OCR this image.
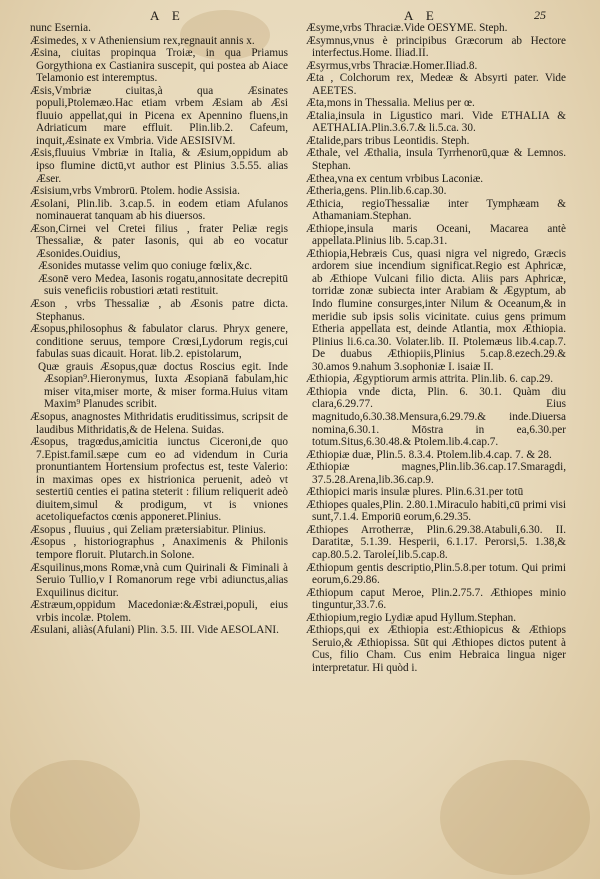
A E	A E	25

nunc Esernia.

Æsimedes, x v Atheniensium rex,regnauit annis x.

Æsina, ciuitas propinqua Troiæ, in qua Priamus Gorgythiona ex Castianira suscepit, qui postea ab Aiace Telamonio est interemptus.

Æsis,Vmbriæ ciuitas,à qua Æsinates populi,Ptolemæo.Hac etiam vrbem Æsiam ab Æsi fluuio appellat,qui in Picena ex Apennino fluens,in Adriaticum mare effluit. Plin.lib.2. Cafeum, inquit,Æsinate ex Vmbria. Vide AESISIVM.

Æsis,fluuius Vmbriæ in Italia, & Æsium,oppidum ab ipso flumine dictū,vt author est Plinius 3.5.55. alias Æser.

Æsisium,vrbs Vmbrorū. Ptolem. hodie Assisia.

Æsolani, Plin.lib. 3.cap.5. in eodem etiam Afulanos nominauerat tanquam ab his diuersos.

Æson,Cirnei vel Cretei filius , frater Peliæ regis Thessaliæ, & pater Iasonis, qui ab eo vocatur Æsonides.Ouidius,

Æsonides mutasse velim quo coniuge fœlix,&c.

Æsonē vero Medea, Iasonis rogatu,annositate decrepitū suis veneficiis robustiori ætati restituit.

Æson , vrbs Thessaliæ , ab Æsonis patre dicta. Stephanus.

Æsopus,philosophus & fabulator clarus. Phryx genere, conditione seruus, tempore Crœsi,Lydorum regis,cui fabulas suas dicauit. Horat. lib.2. epistolarum,

Quæ grauis Æsopus,quæ doctus Roscius egit. Inde Æsopian⁹.Hieronymus, Iuxta Æsopianā fabulam,hic miser vita,miser morte, & miser forma.Huius vitam Maxim⁹ Planudes scribit.

Æsopus, anagnostes Mithridatis eruditissimus, scripsit de laudibus Mithridatis,& de Helena. Suidas.

Æsopus, tragœdus,amicitia iunctus Ciceroni,de quo 7.Epist.famil.sæpe cum eo ad videndum in Curia pronuntiantem Hortensium profectus est, teste Valerio: in maximas opes ex histrionica peruenit, adeò vt sestertiū centies ei patina steterit : filium reliquerit adeò diuitem,simul & prodigum, vt is vniones acetoliquefactos cœnis apponeret.Plinius.

Æsopus , fluuius , qui Zeliam prætersiabitur. Plinius.

Æsopus , historiographus , Anaximenis & Philonis tempore floruit. Plutarch.in Solone.

Æsquilinus,mons Romæ,vnà cum Quirinali & Fiminali à Seruio Tullio,v I Romanorum rege vrbi adiunctus,alias Exquilinus dicitur.

Æstræum,oppidum Macedoniæ:&Æstræi,populi, eius vrbis incolæ. Ptolem.

Æsulani, aliàs(Afulani) Plin. 3.5. III. Vide AESOLANI.

Æsyme,vrbs Thraciæ.Vide OESYME. Steph.

Æsymnus,vnus è principibus Græcorum ab Hectore interfectus.Home. Iliad.II.

Æsyrmus,vrbs Thraciæ.Homer.Iliad.8.

Æta , Colchorum rex, Medeæ & Absyrti pater. Vide AEETES.

Æta,mons in Thessalia. Melius per œ.

Ætalia,insula in Ligustico mari. Vide ETHALIA & AETHALIA.Plin.3.6.7.& li.5.ca. 30.

Ætalide,pars tribus Leontidis. Steph.

Æthale, vel Æthalia, insula Tyrrhenorū,quæ & Lemnos. Stephan.

Æthea,vna ex centum vrbibus Laconiæ.

Ætheria,gens. Plin.lib.6.cap.30.

Æthicia, regioThessaliæ inter Tymphæam & Athamaniam.Stephan.

Æthiope,insula maris Oceani, Macarea antè appellata.Plinius lib. 5.cap.31.

Æthiopia,Hebræis Cus, quasi nigra vel nigredo, Græcis ardorem siue incendium significat.Regio est Aphricæ, ab Æthiope Vulcani filio dicta. Aliis pars Aphricæ, torridæ zonæ subiecta inter Arabiam & Ægyptum, ab Indo flumine consurges,inter Nilum & Oceanum,& in meridie sub ipsis solis vicinitate. cuius gens primum Etheria appellata est, deinde Atlantia, mox Æthiopia. Plinius li.6.ca.30. Volater.lib. II. Ptolemæus lib.4.cap.7. De duabus Æthiopiis,Plinius 5.cap.8.ezech.29.& 30.amos 9.nahum 3.sophoniæ I. isaiæ II.

Æthiopia, Ægyptiorum armis attrita. Plin.lib. 6. cap.29.

Æthiopia vnde dicta, Plin. 6. 30.1. Quàm diu clara,6.29.77. Eius magnitudo,6.30.38.Mensura,6.29.79.& inde.Diuersa nomina,6.30.1. Mōstra in ea,6.30.per totum.Situs,6.30.48.& Ptolem.lib.4.cap.7.

Æthiopiæ duæ, Plin.5. 8.3.4. Ptolem.lib.4.cap. 7. & 28.

Æthiopiæ magnes,Plin.lib.36.cap.17.Smaragdi, 37.5.28.Arena,lib.36.cap.9.

Æthiopici maris insulæ plures. Plin.6.31.per totū

Æthiopes quales,Plin. 2.80.1.Miraculo habiti,cū primi visi sunt,7.1.4. Emporiū eorum,6.29.35.

Æthiopes Arrotherræ, Plin.6.29.38.Atabuli,6.30. II. Daratitæ, 5.1.39. Hesperii, 6.1.17. Perorsi,5. 1.38,& cap.80.5.2. Taroleí,lib.5.cap.8.

Æthiopum gentis descriptio,Plin.5.8.per totum. Qui primi eorum,6.29.86.

Æthiopum caput Meroe, Plin.2.75.7. Æthiopes minio tinguntur,33.7.6.

Æthiopium,regio Lydiæ apud Hyllum.Stephan.

Æthiops,qui ex Æthiopia est:Æthiopicus & Æthiops Seruio,& Æthiopissa. Sūt qui Æthiopes dictos putent à Cus, filio Cham. Cus enim Hebraica lingua niger interpretatur. Hi quòd i.
